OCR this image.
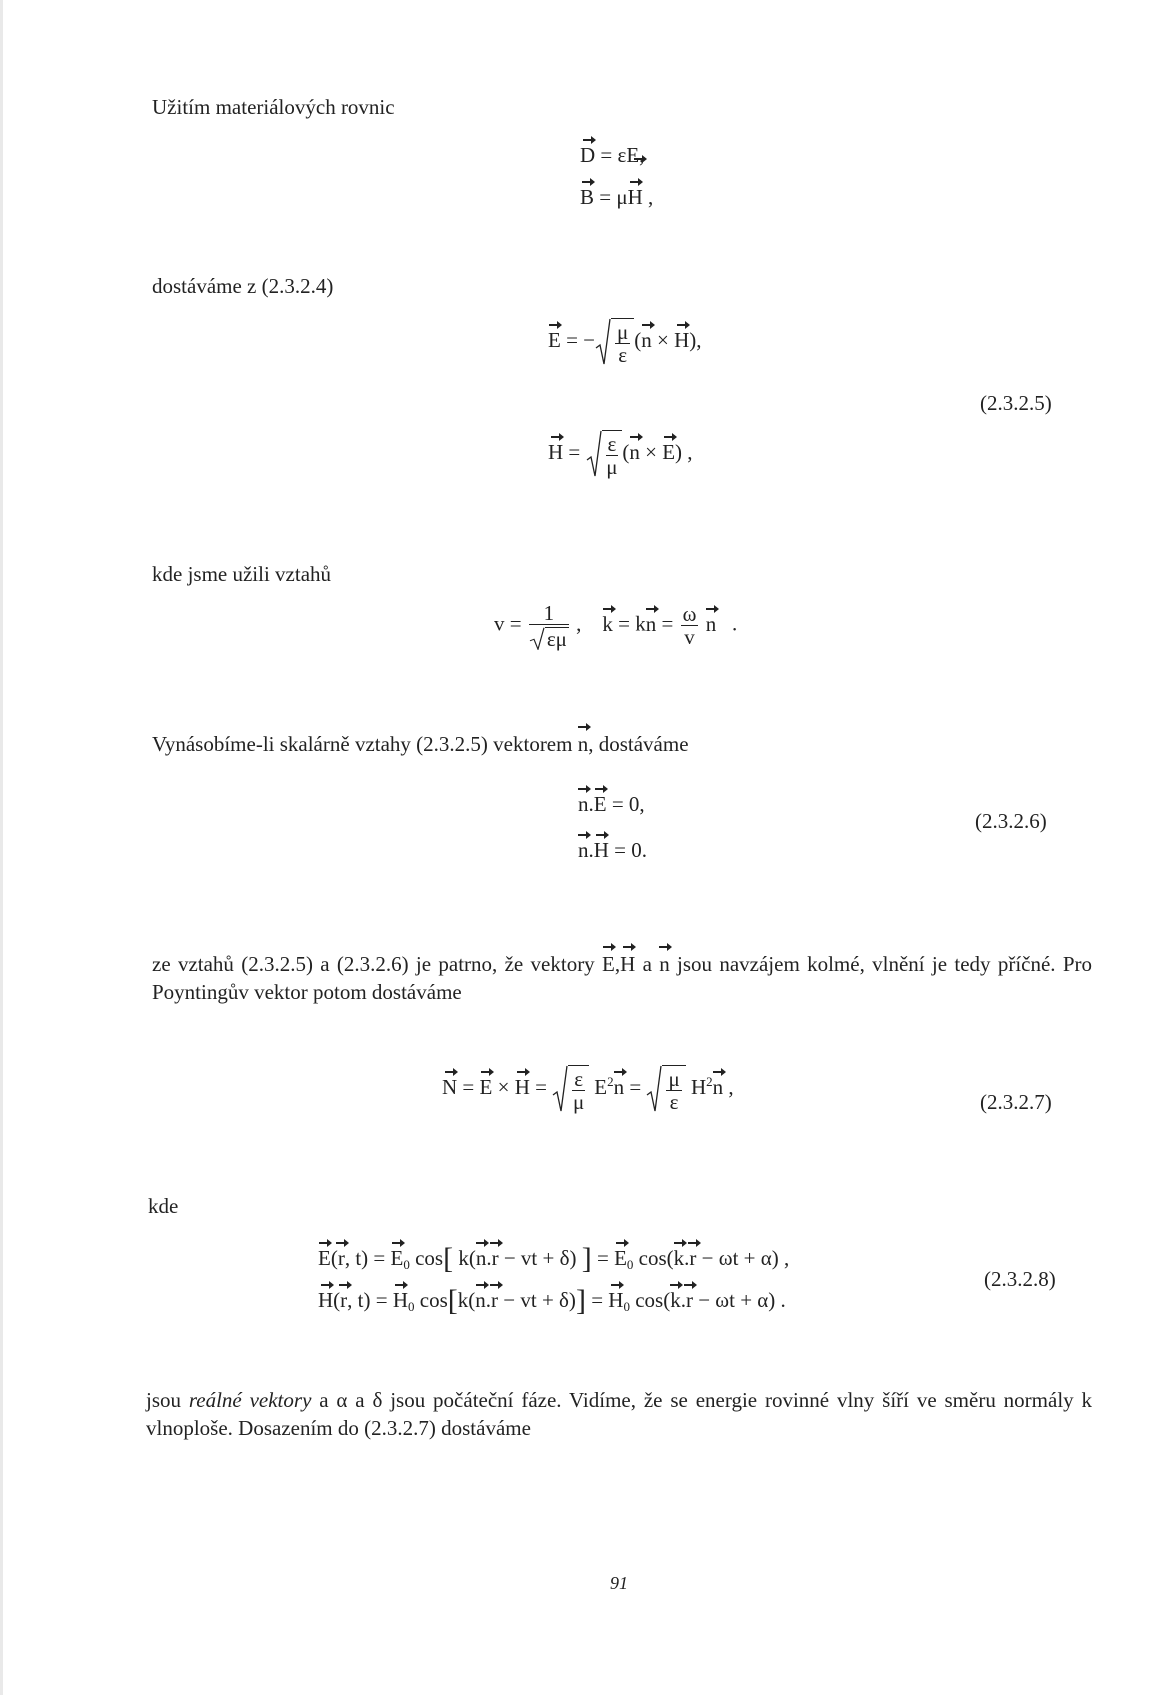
Užitím materiálových rovnic
D = εE,
B = μH ,
dostáváme z (2.3.2.4)
E = − $\frac{\mu}{\varepsilon} (n \times H)$,
(2.3.2.5)
$H = \frac{\varepsilon}{\mu} (n \times E)$ ,
kde jsme užili vztahů
$v = \frac{1}{\varepsilon\mu}$ ,    k = kn = $\frac{\omega}{v}$ n   .
Vynásobíme-li skalárně vztahy (2.3.2.5) vektorem n, dostáváme
n.E = 0,
n.H = 0.
(2.3.2.6)
ze vztahů (2.3.2.5) a (2.3.2.6) je patrno, že vektory E,H a n jsou navzájem kolmé, vlnění je tedy příčné. Pro Poyntingův vektor potom dostáváme
$N = E \times H = \frac{\varepsilon}{\mu} E^2n = \frac{\mu}{\varepsilon} H^2n$ ,
(2.3.2.7)
kde
E(r, $t) = E_0$ cos[ k(n.r − vt + δ) ] = $E_0$ cos(k.r − ωt + α) ,
H(r, $t) = H_0$ cos[k(n.r − vt + $\delta)] = H_0$ cos(k.r − ωt + α) .
(2.3.2.8)
jsou reálné vektory a α a δ jsou počáteční fáze. Vidíme, že se energie rovinné vlny šíří ve směru normály k vlnoploše. Dosazením do (2.3.2.7) dostáváme
91
